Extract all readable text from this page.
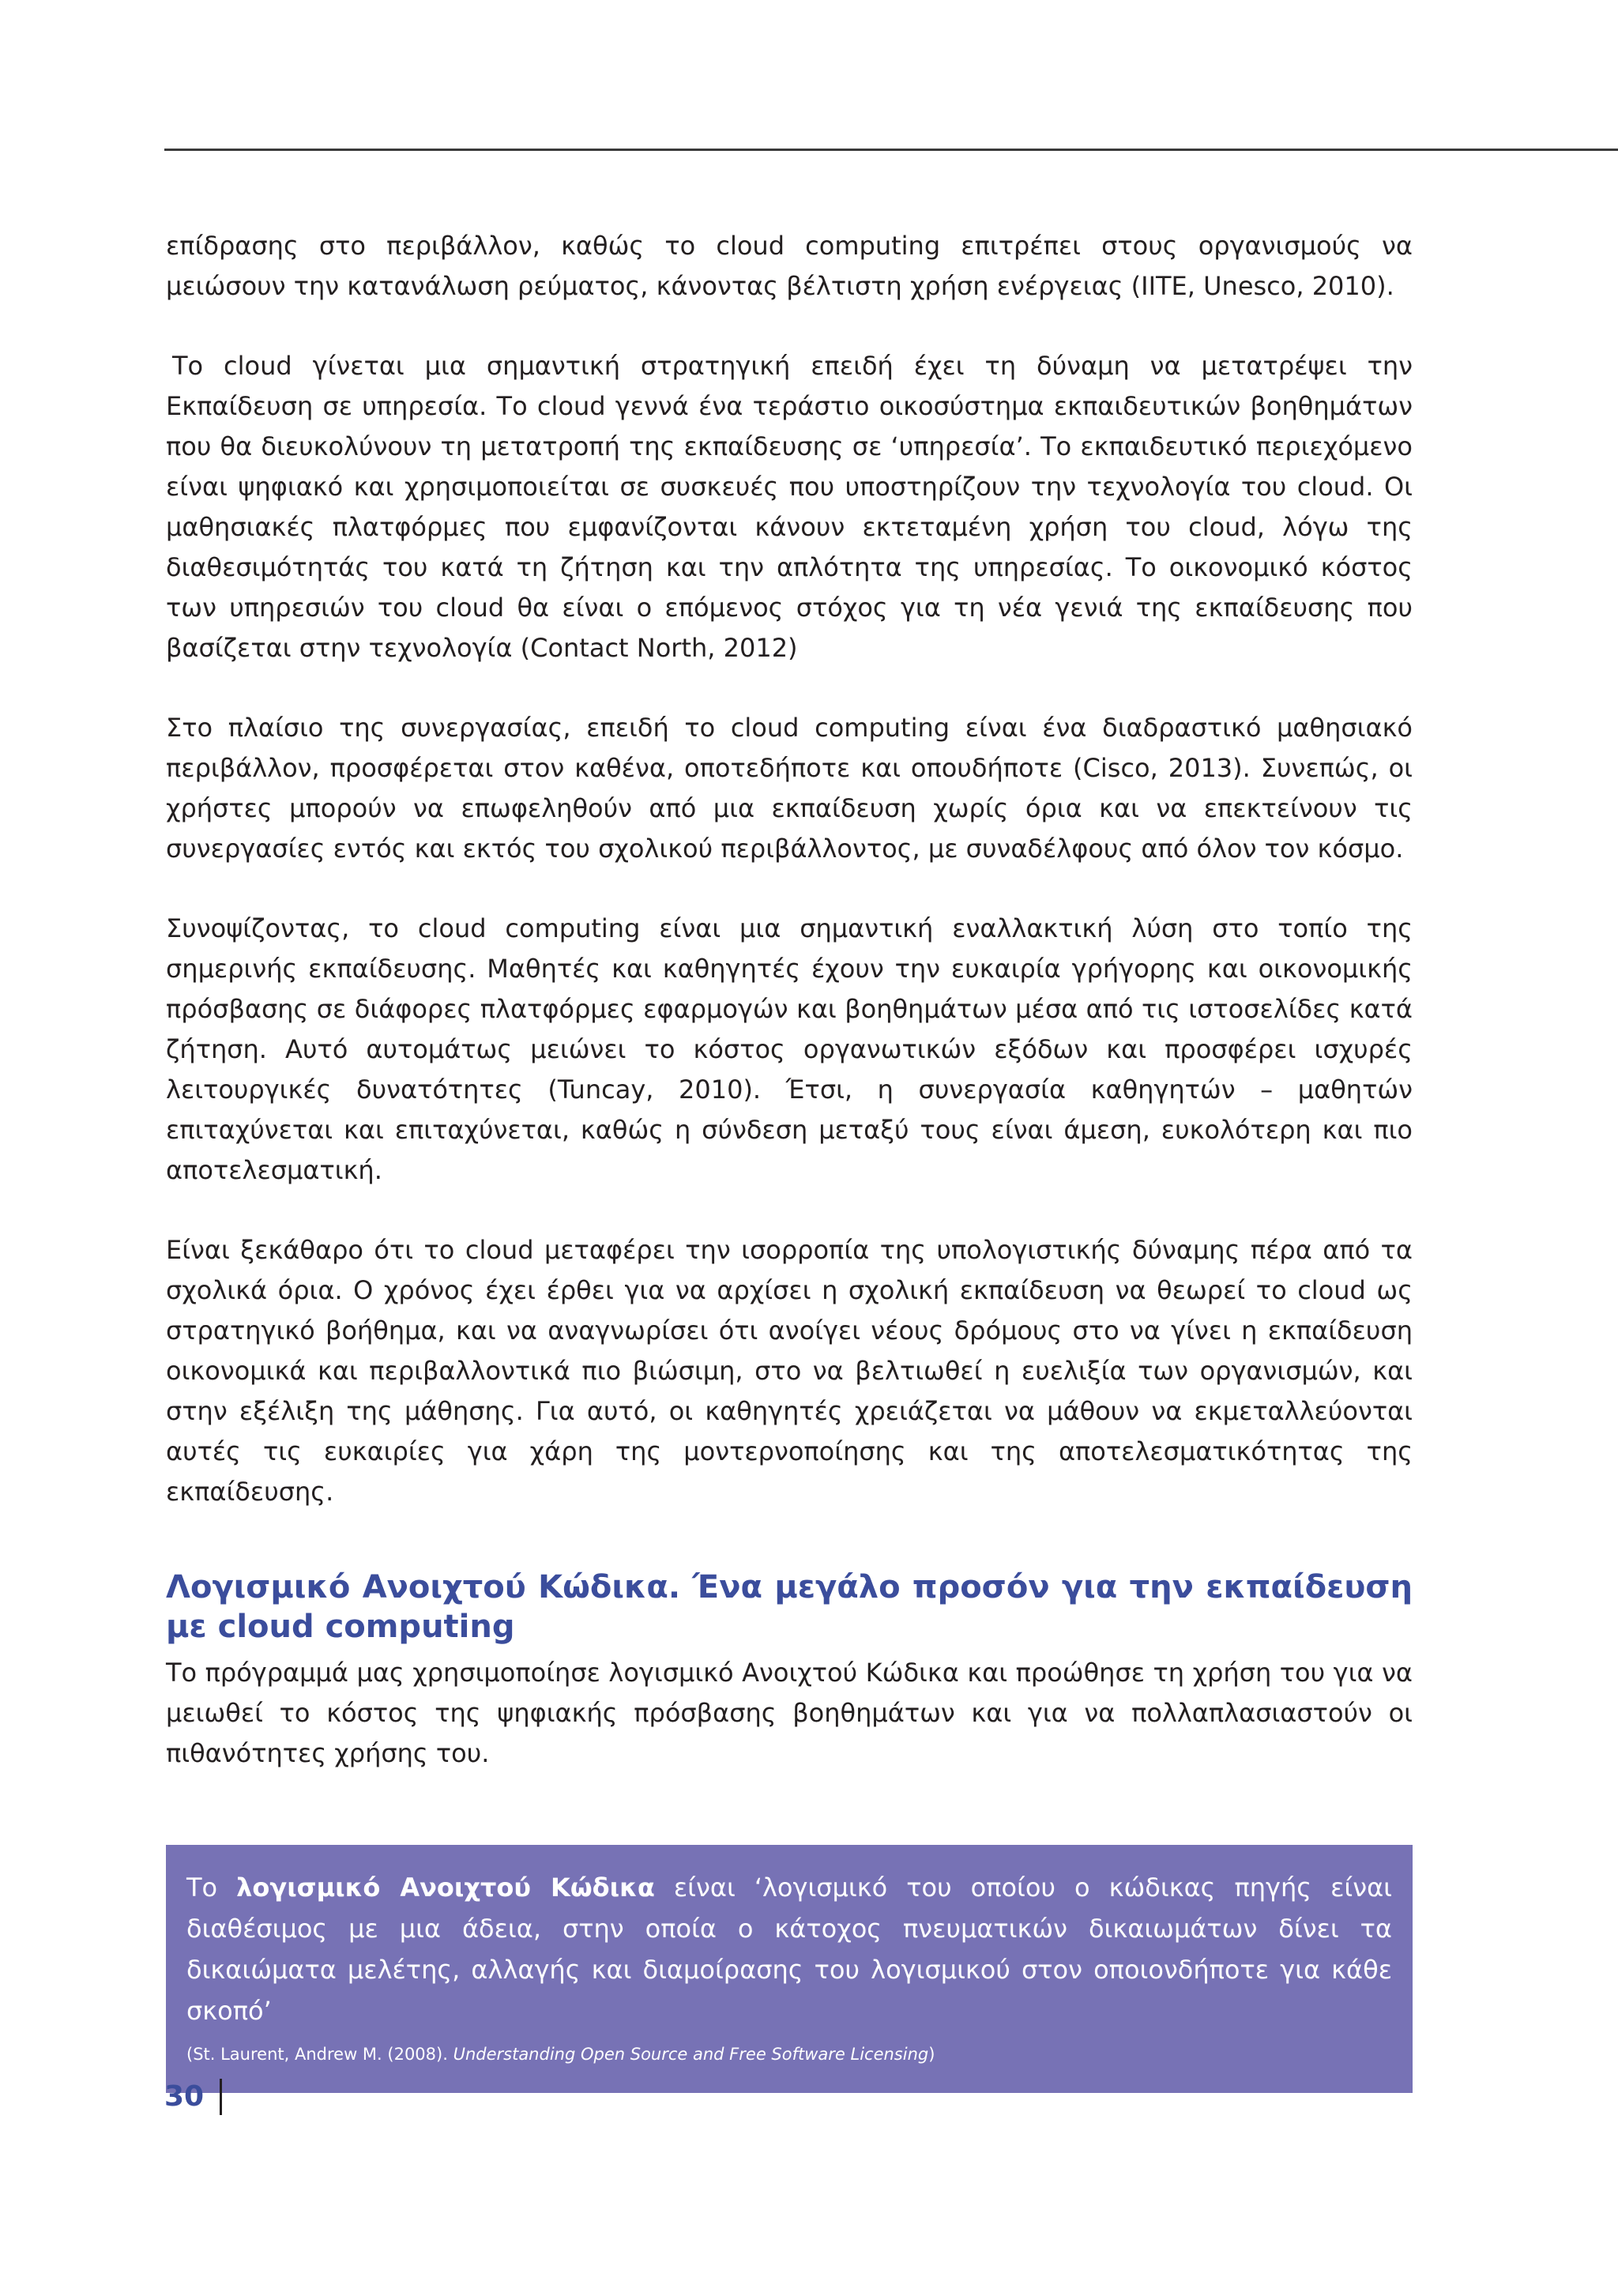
επίδρασης στο περιβάλλον, καθώς το cloud computing επιτρέπει στους οργανισμούς να μειώσουν την κατανάλωση ρεύματος, κάνοντας βέλτιστη χρήση ενέργειας (IITE, Unesco, 2010).

Το cloud γίνεται μια σημαντική στρατηγική επειδή έχει τη δύναμη να μετατρέψει την Εκπαίδευση σε υπηρεσία. Το cloud γεννά ένα τεράστιο οικοσύστημα εκπαιδευτικών βοηθημάτων που θα διευκολύνουν τη μετατροπή της εκπαίδευσης σε ‘υπηρεσία’. Το εκπαιδευτικό περιεχόμενο είναι ψηφιακό και χρησιμοποιείται σε συσκευές που υποστηρίζουν την τεχνολογία του cloud. Οι μαθησιακές πλατφόρμες που εμφανίζονται κάνουν εκτεταμένη χρήση του cloud, λόγω της διαθεσιμότητάς του κατά τη ζήτηση και την απλότητα της υπηρεσίας. Το οικονομικό κόστος των υπηρεσιών του cloud θα είναι ο επόμενος στόχος για τη νέα γενιά της εκπαίδευσης που βασίζεται στην τεχνολογία (Contact North, 2012)

Στο πλαίσιο της συνεργασίας, επειδή το cloud computing είναι ένα διαδραστικό μαθησιακό περιβάλλον, προσφέρεται στον καθένα, οποτεδήποτε και οπουδήποτε (Cisco, 2013). Συνεπώς, οι χρήστες μπορούν να επωφεληθούν από μια εκπαίδευση χωρίς όρια και να επεκτείνουν τις συνεργασίες εντός και εκτός του σχολικού περιβάλλοντος, με συναδέλφους από όλον τον κόσμο.

Συνοψίζοντας, το cloud computing είναι μια σημαντική εναλλακτική λύση στο τοπίο της σημερινής εκπαίδευσης. Μαθητές και καθηγητές έχουν την ευκαιρία γρήγορης και οικονομικής πρόσβασης σε διάφορες πλατφόρμες εφαρμογών και βοηθημάτων μέσα από τις ιστοσελίδες κατά ζήτηση. Αυτό αυτομάτως μειώνει το κόστος οργανωτικών εξόδων και προσφέρει ισχυρές λειτουργικές δυνατότητες (Tuncay, 2010). Έτσι, η συνεργασία καθηγητών – μαθητών επιταχύνεται και επιταχύνεται, καθώς η σύνδεση μεταξύ τους είναι άμεση, ευκολότερη και πιο αποτελεσματική.

Είναι ξεκάθαρο ότι το cloud μεταφέρει την ισορροπία της υπολογιστικής δύναμης πέρα από τα σχολικά όρια. Ο χρόνος έχει έρθει για να αρχίσει η σχολική εκπαίδευση να θεωρεί το cloud ως στρατηγικό βοήθημα, και να αναγνωρίσει ότι ανοίγει νέους δρόμους στο να γίνει η εκπαίδευση οικονομικά και περιβαλλοντικά πιο βιώσιμη, στο να βελτιωθεί η ευελιξία των οργανισμών, και στην εξέλιξη της μάθησης. Για αυτό, οι καθηγητές χρειάζεται να μάθουν να εκμεταλλεύονται αυτές τις ευκαιρίες για χάρη της μοντερνοποίησης και της αποτελεσματικότητας της εκπαίδευσης.

Λογισμικό Ανοιχτού Κώδικα. Ένα μεγάλο προσόν για την εκπαίδευση με cloud computing

Το πρόγραμμά μας χρησιμοποίησε λογισμικό Ανοιχτού Κώδικα και προώθησε τη χρήση του για να μειωθεί το κόστος της ψηφιακής πρόσβασης βοηθημάτων και για να πολλαπλασιαστούν οι πιθανότητες χρήσης του.

Το λογισμικό Ανοιχτού Κώδικα είναι ‘λογισμικό του οποίου ο κώδικας πηγής είναι διαθέσιμος με μια άδεια, στην οποία ο κάτοχος πνευματικών δικαιωμάτων δίνει τα δικαιώματα μελέτης, αλλαγής και διαμοίρασης του λογισμικού στον οποιονδήποτε για κάθε σκοπό’

(St. Laurent, Andrew M. (2008). Understanding Open Source and Free Software Licensing)

30
